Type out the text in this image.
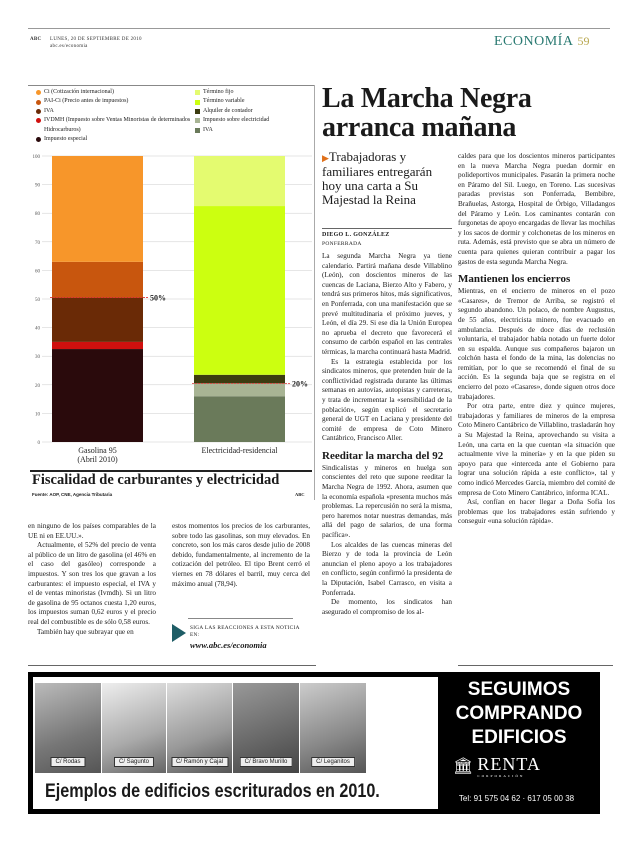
ABC LUNES, 20 DE SEPTIEMBRE DE 2010
abc.es/economia	ECONOMÍA 59
Ci (Cotización internacional)
PAI-Ci (Precio antes de impuestos)
IVA
IVDMH (Impuesto sobre Ventas Minoristas de determinados Hidrocarburos)
Impuesto especial
Término fijo
Término variable
Alquiler de contador
Impuesto sobre electricidad
IVA
0
10
20
30
40
50
60
70
80
90
100
50%
Gasolina 95
(Abril 2010)
20%
Electricidad-residencial
Fiscalidad de carburantes y electricidad
Fuente: AOP, CNE, Agencia Tributaria	ABC
La Marcha Negra
arranca mañana
▶Trabajadoras y familiares entregarán hoy una carta a Su Majestad la Reina
DIEGO L. GONZÁLEZ
PONFERRADA

La segunda Marcha Negra ya tiene calendario. Partirá mañana desde Villablino (León), con doscientos mineros de las cuencas de Laciana, Bierzo Alto y Fabero, y tendrá sus primeros hitos, más significativos, en Ponferrada, con una manifestación que se prevé multitudinaria el próximo jueves, y León, el día 29. Si ese día la Unión Europea no aprueba el decreto que favorecerá el consumo de carbón español en las centrales térmicas, la marcha continuará hasta Madrid.

Es la estrategia establecida por los sindicatos mineros, que pretenden huir de la conflictividad registrada durante las últimas semanas en autovías, autopistas y carreteras, y trata de incrementar la «sensibilidad de la población», según explicó el secretario general de UGT en Laciana y presidente del comité de empresa de Coto Minero Cantábrico, Francisco Aller.

Reeditar la marcha del 92

Sindicalistas y mineros en huelga son conscientes del reto que supone reeditar la Marcha Negra de 1992. Ahora, asumen que la economía española «presenta muchos más problemas. La repercusión no será la misma, pero haremos notar nuestras demandas, más allá del pago de salarios, de una forma pacífica».

Los alcaldes de las cuencas mineras del Bierzo y de toda la provincia de León anuncian el pleno apoyo a los trabajadores en conflicto, según confirmó la presidenta de la Diputación, Isabel Carrasco, en visita a Ponferrada.

De momento, los sindicatos han asegurado el compromiso de los al-

caldes para que los doscientos mineros participantes en la nueva Marcha Negra puedan dormir en polideportivos municipales. Pasarán la primera noche en Páramo del Sil. Luego, en Toreno. Las sucesivas paradas previstas son Ponferrada, Bembibre, Brañuelas, Astorga, Hospital de Órbigo, Villadangos del Páramo y León. Los caminantes contarán con furgonetas de apoyo encargadas de llevar las mochilas y los sacos de dormir y colchonetas de los mineros en ruta. Además, está previsto que se abra un número de cuenta para quienes quieran contribuir a pagar los gastos de esta segunda Marcha Negra.

Mantienen los encierros

Mientras, en el encierro de mineros en el pozo «Casares», de Tremor de Arriba, se registró el segundo abandono. Un polaco, de nombre Augustus, de 55 años, electricista minero, fue evacuado en ambulancia. Después de doce días de reclusión voluntaria, el trabajador había notado un fuerte dolor en su espalda. Aunque sus compañeros bajaron un colchón hasta el fondo de la mina, las dolencias no remitían, por lo que se recomendó el final de su acción. Es la segunda baja que se registra en el encierro del pozo «Casares», donde siguen otros doce trabajadores.

Por otra parte, entre diez y quince mujeres, trabajadoras y familiares de mineros de la empresa Coto Minero Cantábrico de Villablino, trasladarán hoy a Su Majestad la Reina, aprovechando su visita a León, una carta en la que cuentan «la situación que actualmente vive la minería» y en la que piden su apoyo para que «interceda ante el Gobierno para lograr una solución rápida a este conflicto», tal y como indicó Mercedes García, miembro del comité de empresa de Coto Minero Cantábrico, informa ICAL.

Así, confían en hacer llegar a Doña Sofía los problemas que los trabajadores están sufriendo y conseguir «una solución rápida».

en ninguno de los países comparables de la UE ni en EE.UU.».

Actualmente, el 52% del precio de venta al público de un litro de gasolina (el 46% en el caso del gasóleo) corresponde a impuestos. Y son tres los que gravan a los carburantes: el impuesto especial, el IVA y el de ventas minoristas (Ivmdh). Si un litro de gasolina de 95 octanos cuesta 1,20 euros, los impuestos suman 0,62 euros y el precio real del combustible es de sólo 0,58 euros.

También hay que subrayar que en

estos momentos los precios de los carburantes, sobre todo las gasolinas, son muy elevados. En concreto, son los más caros desde julio de 2008 debido, fundamentalmente, al incremento de la cotización del petróleo. El tipo Brent cerró el viernes en 78 dólares el barril, muy cerca del máximo anual (78,94).

SIGA LAS REACCIONES A ESTA NOTICIA EN:
www.abc.es/economia
C/ Rodas	C/ Sagunto	C/ Ramón y Cajal	C/ Bravo Murillo	C/ Leganitos
Ejemplos de edificios escriturados en 2010.
SEGUIMOS
COMPRANDO
EDIFICIOS
🏛 RENTA
CORPORACIÓN
Tel: 91 575 04 62 · 617 05 00 38
